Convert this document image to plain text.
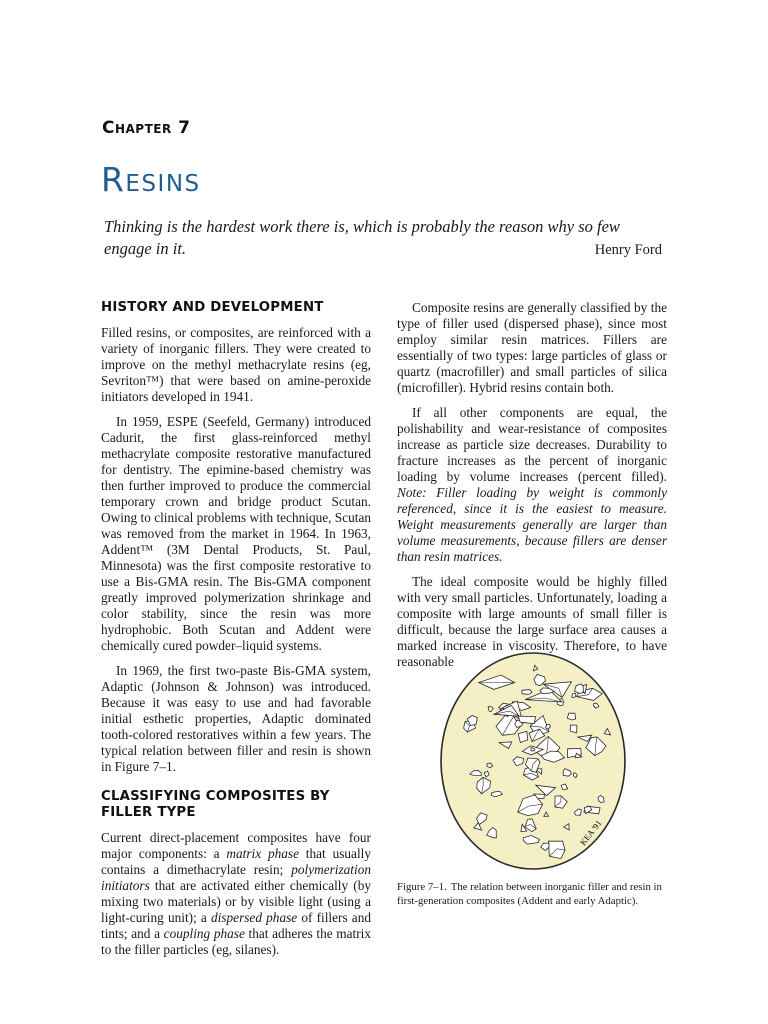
Chapter 7
Resins
Thinking is the hardest work there is, which is probably the reason why so few engage in it.	Henry Ford
HISTORY AND DEVELOPMENT

Filled resins, or composites, are reinforced with a variety of inorganic fillers. They were created to improve on the methyl methacrylate resins (eg, Sevriton™) that were based on amine-peroxide initiators developed in 1941.

In 1959, ESPE (Seefeld, Germany) introduced Cadurit, the first glass-reinforced methyl methacrylate composite restorative manufactured for dentistry. The epimine-based chemistry was then further improved to produce the commercial temporary crown and bridge product Scutan. Owing to clinical problems with technique, Scutan was removed from the market in 1964. In 1963, Addent™ (3M Dental Products, St. Paul, Minnesota) was the first composite restorative to use a Bis-GMA resin. The Bis-GMA component greatly improved polymerization shrinkage and color stability, since the resin was more hydrophobic. Both Scutan and Addent were chemically cured powder–liquid systems.

In 1969, the first two-paste Bis-GMA system, Adaptic (Johnson & Johnson) was introduced. Because it was easy to use and had favorable initial esthetic properties, Adaptic dominated tooth-colored restoratives within a few years. The typical relation between filler and resin is shown in Figure 7–1.

CLASSIFYING COMPOSITES BY FILLER TYPE

Current direct-placement composites have four major components: a matrix phase that usually contains a dimethacrylate resin; polymerization initiators that are activated either chemically (by mixing two materials) or by visible light (using a light-curing unit); a dispersed phase of fillers and tints; and a coupling phase that adheres the matrix to the filler particles (eg, silanes).

Composite resins are generally classified by the type of filler used (dispersed phase), since most employ similar resin matrices. Fillers are essentially of two types: large particles of glass or quartz (macrofiller) and small particles of silica (microfiller). Hybrid resins contain both.

If all other components are equal, the polishability and wear-resistance of composites increase as particle size decreases. Durability to fracture increases as the percent of inorganic loading by volume increases (percent filled). Note: Filler loading by weight is commonly referenced, since it is the easiest to measure. Weight measurements generally are larger than volume measurements, because fillers are denser than resin matrices.

The ideal composite would be highly filled with very small particles. Unfortunately, loading a composite with large amounts of small filler is difficult, because the large surface area causes a marked increase in viscosity. Therefore, to have reasonable

KEA '91
Figure 7–1. The relation between inorganic filler and resin in first-generation composites (Addent and early Adaptic).
